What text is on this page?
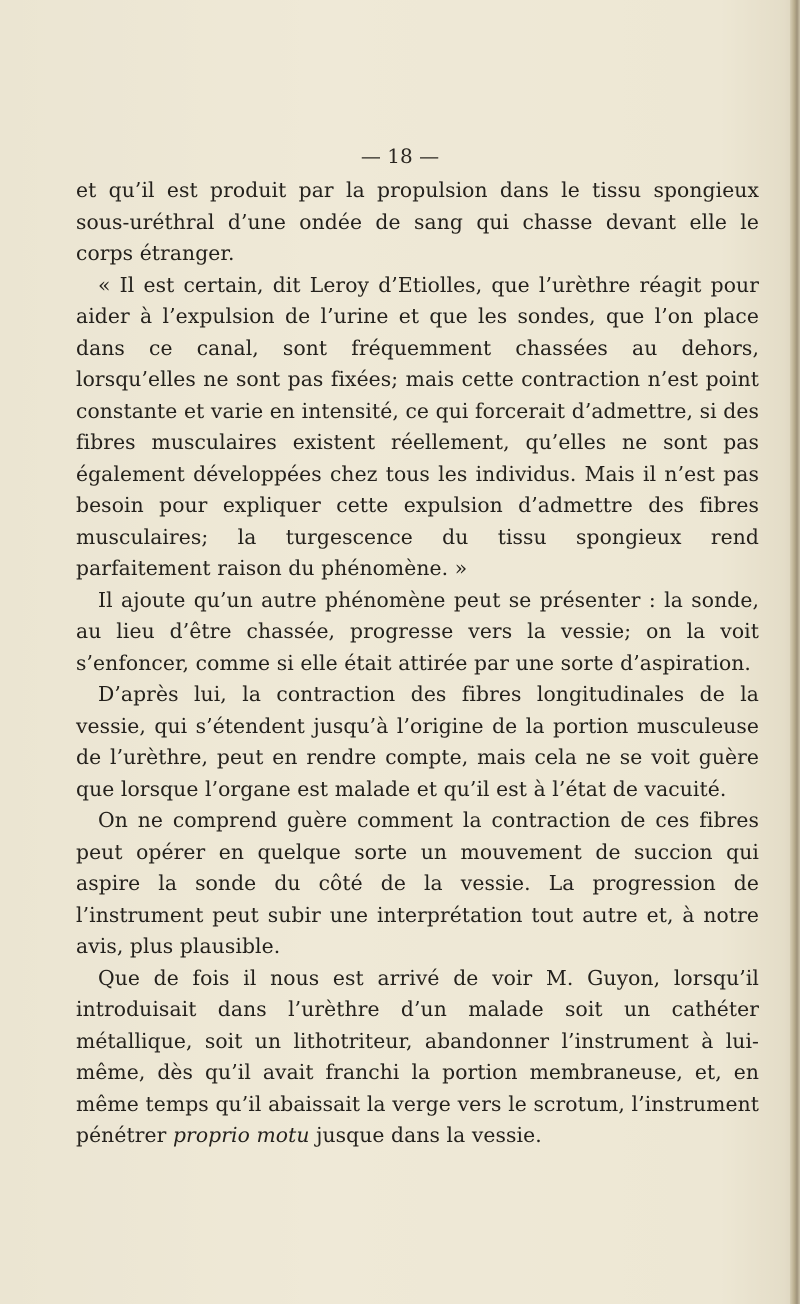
— 18 —

et qu’il est produit par la propulsion dans le tissu spongieux sous-uréthral d’une ondée de sang qui chasse devant elle le corps étranger.

« Il est certain, dit Leroy d’Etiolles, que l’urèthre réagit pour aider à l’expulsion de l’urine et que les sondes, que l’on place dans ce canal, sont fréquemment chassées au dehors, lorsqu’elles ne sont pas fixées; mais cette contraction n’est point constante et varie en intensité, ce qui forcerait d’admettre, si des fibres musculaires existent réellement, qu’elles ne sont pas également développées chez tous les individus. Mais il n’est pas besoin pour expliquer cette expulsion d’admettre des fibres musculaires; la turgescence du tissu spongieux rend parfaitement raison du phénomène. »

Il ajoute qu’un autre phénomène peut se présenter : la sonde, au lieu d’être chassée, progresse vers la vessie; on la voit s’enfoncer, comme si elle était attirée par une sorte d’aspiration.

D’après lui, la contraction des fibres longitudinales de la vessie, qui s’étendent jusqu’à l’origine de la portion musculeuse de l’urèthre, peut en rendre compte, mais cela ne se voit guère que lorsque l’organe est malade et qu’il est à l’état de vacuité.

On ne comprend guère comment la contraction de ces fibres peut opérer en quelque sorte un mouvement de succion qui aspire la sonde du côté de la vessie. La progression de l’instrument peut subir une interprétation tout autre et, à notre avis, plus plausible.

Que de fois il nous est arrivé de voir M. Guyon, lorsqu’il introduisait dans l’urèthre d’un malade soit un cathéter métallique, soit un lithotriteur, abandonner l’instrument à lui-même, dès qu’il avait franchi la portion membraneuse, et, en même temps qu’il abaissait la verge vers le scrotum, l’instrument pénétrer proprio motu jusque dans la vessie.
